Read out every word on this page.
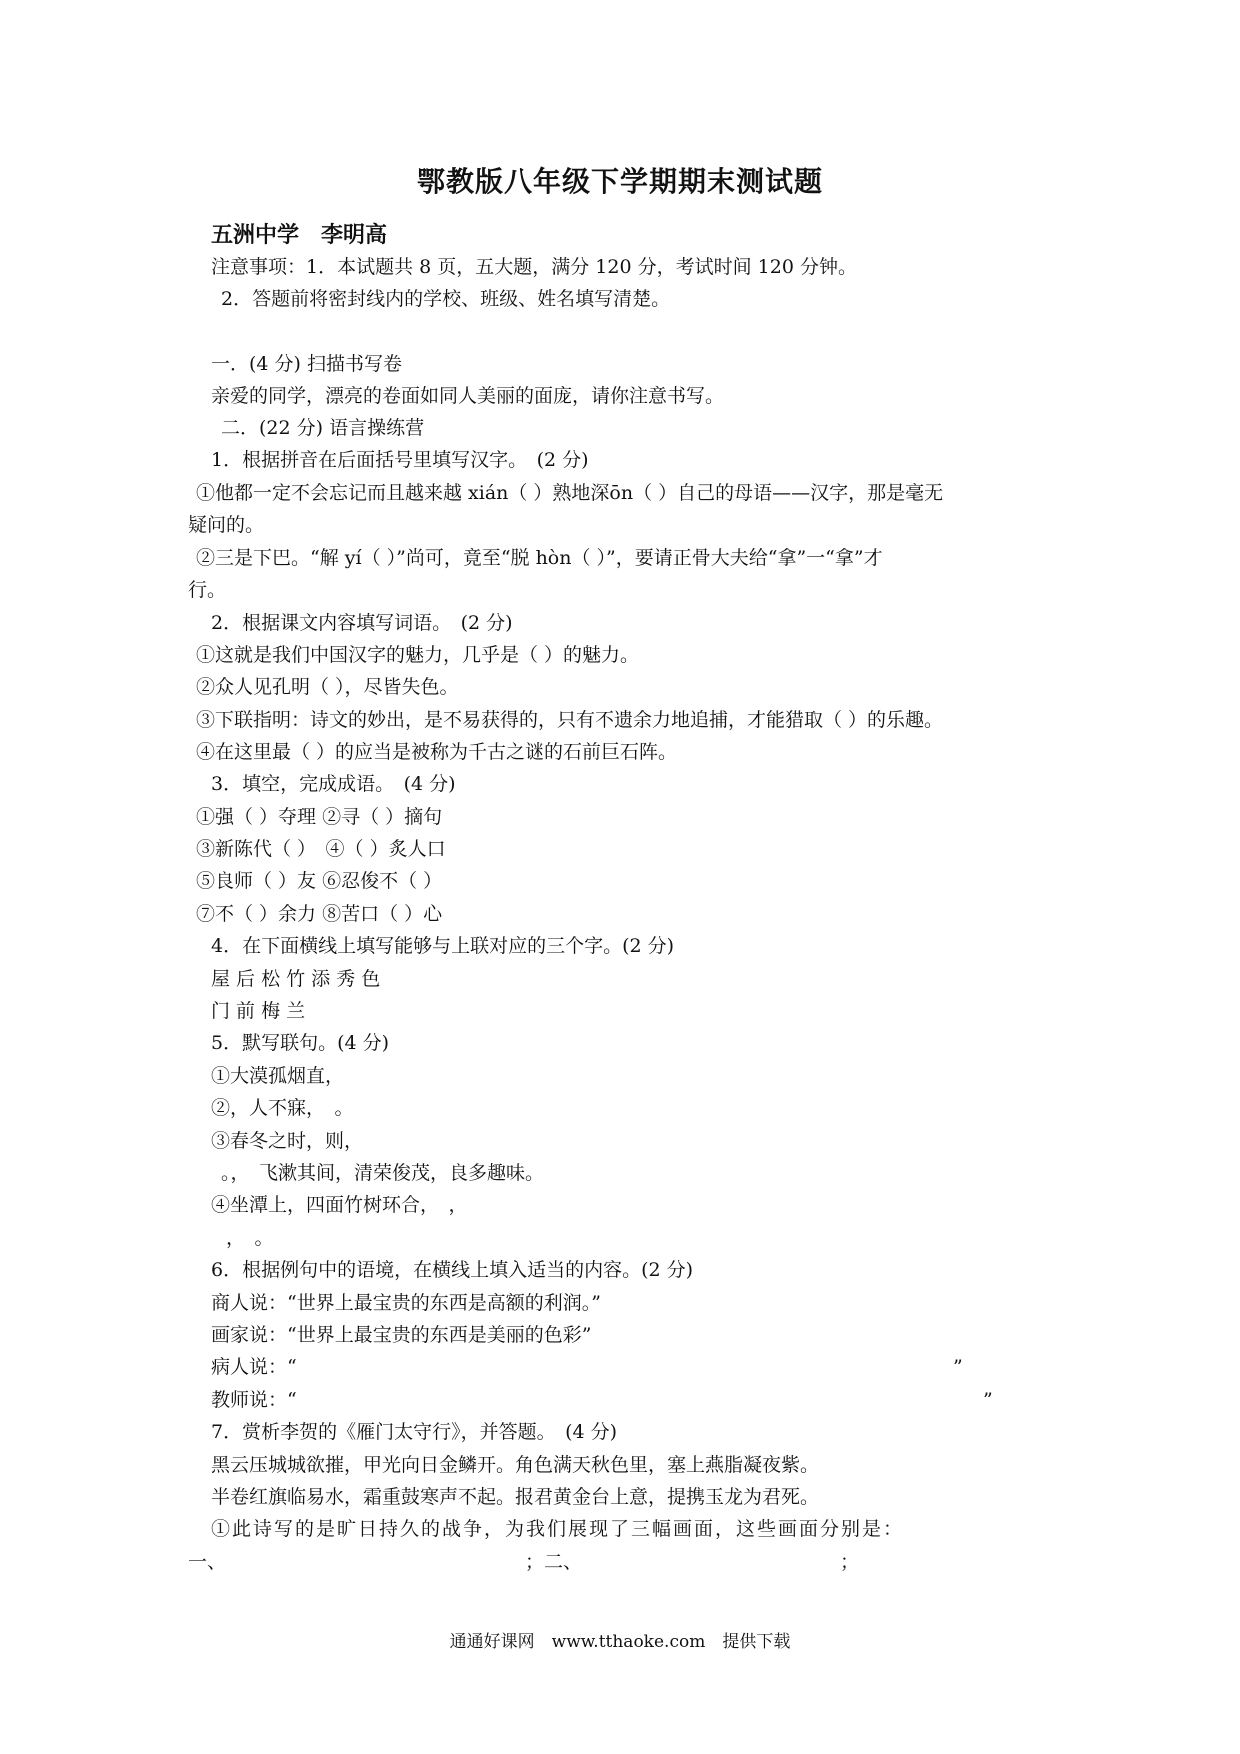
鄂教版八年级下学期期末测试题
五洲中学　李明高
注意事项：1．本试题共 8 页，五大题，满分 120 分，考试时间 120 分钟。
2．答题前将密封线内的学校、班级、姓名填写清楚。
一．(4 分) 扫描书写卷
亲爱的同学，漂亮的卷面如同人美丽的面庞，请你注意书写。
二．(22 分) 语言操练营
1．根据拼音在后面括号里填写汉字。　(2 分)
①他都一定不会忘记而且越来越 xián（ ）熟地深ōn（ ）自己的母语——汉字，那是毫无
疑问的。
②三是下巴。“解 yí（ ）”尚可，竟至“脱 hòn（ ）”，要请正骨大夫给“拿”一“拿”才
行。
2．根据课文内容填写词语。　(2 分)
①这就是我们中国汉字的魅力，几乎是（ ）的魅力。
②众人见孔明（ ），尽皆失色。
③下联指明：诗文的妙出，是不易获得的，只有不遗余力地追捕，才能猎取（ ）的乐趣。
④在这里最（ ）的应当是被称为千古之谜的石前巨石阵。
3．填空，完成成语。　(4 分)
①强（ ）夺理 ②寻（ ）摘句
③新陈代（ ）　④（ ）炙人口
⑤良师（ ）友 ⑥忍俊不（ ）
⑦不（ ）余力 ⑧苦口（ ）心
4．在下面横线上填写能够与上联对应的三个字。(2 分)
屋 后 松 竹 添 秀 色
门 前 梅 兰
5．默写联句。(4 分)
①大漠孤烟直，
②，人不寐，　。
③春冬之时，则，
。，　飞漱其间，清荣俊茂，良多趣味。
④坐潭上，四面竹树环合，　，
，　。
6．根据例句中的语境，在横线上填入适当的内容。(2 分)
商人说：“世界上最宝贵的东西是高额的利润。”
画家说：“世界上最宝贵的东西是美丽的色彩”
病人说：“	”
教师说：“	”
7．赏析李贺的《雁门太守行》，并答题。　(4 分)
黑云压城城欲摧，甲光向日金鳞开。角色满天秋色里，塞上燕脂凝夜紫。
半卷红旗临易水，霜重鼓寒声不起。报君黄金台上意，提携玉龙为君死。
①此诗写的是旷日持久的战争，为我们展现了三幅画面，这些画面分别是：
一、	；二、	；
通通好课网　www.tthaoke.com　提供下载
